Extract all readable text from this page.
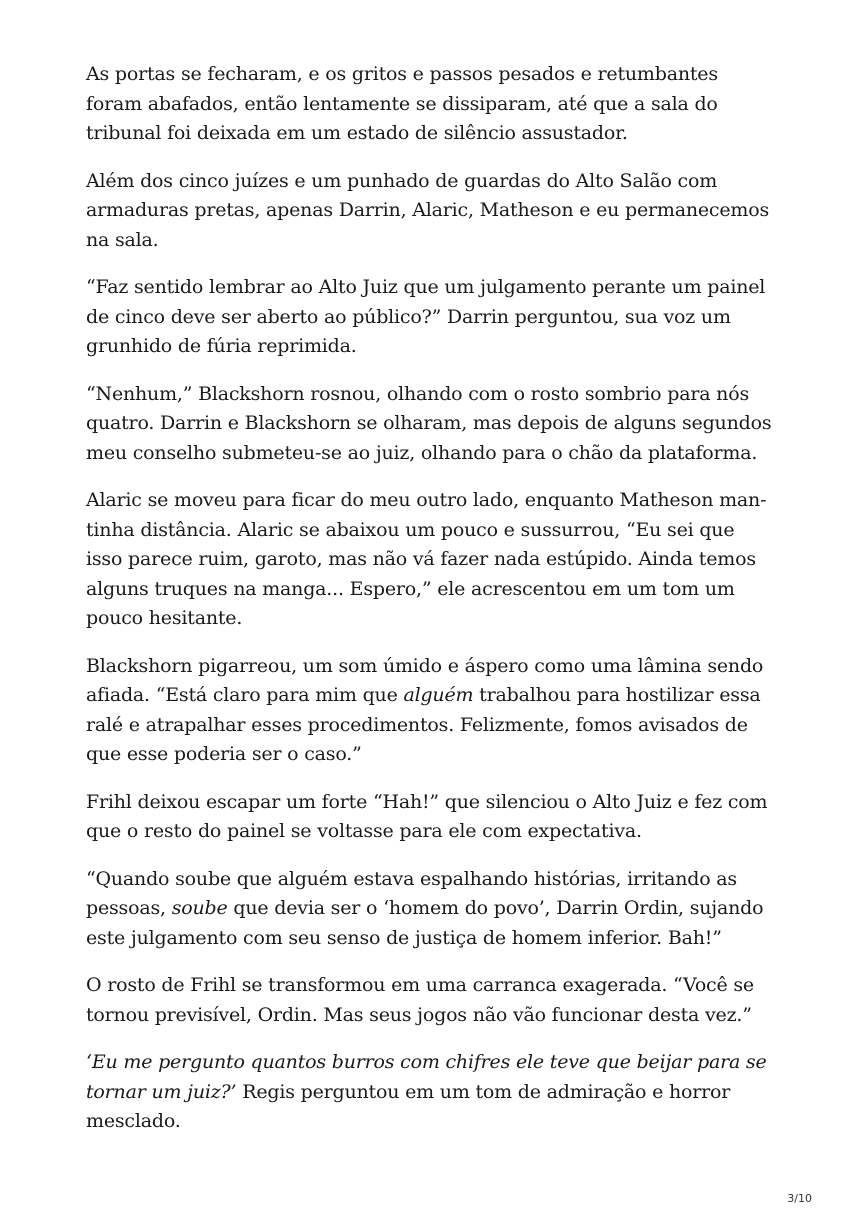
As portas se fecharam, e os gritos e passos pesados e retumbantes foram abafados, então lentamente se dissiparam, até que a sala do tribunal foi deixada em um estado de silêncio assustador.

Além dos cinco juízes e um punhado de guardas do Alto Salão com armaduras pretas, apenas Darrin, Alaric, Matheson e eu permanecemos na sala.

“Faz sentido lembrar ao Alto Juiz que um julgamento perante um painel de cinco deve ser aberto ao público?” Darrin perguntou, sua voz um grunhido de fúria reprimida.

“Nenhum,” Blackshorn rosnou, olhando com o rosto sombrio para nós quatro. Darrin e Blackshorn se olharam, mas depois de alguns segundos meu conselho submeteu-se ao juiz, olhando para o chão da plataforma.

Alaric se moveu para ficar do meu outro lado, enquanto Matheson mantinha distância. Alaric se abaixou um pouco e sussurrou, “Eu sei que isso parece ruim, garoto, mas não vá fazer nada estúpido. Ainda temos alguns truques na manga... Espero,” ele acrescentou em um tom um pouco hesitante.

Blackshorn pigarreou, um som úmido e áspero como uma lâmina sendo afiada. “Está claro para mim que alguém trabalhou para hostilizar essa ralé e atrapalhar esses procedimentos. Felizmente, fomos avisados de que esse poderia ser o caso.”

Frihl deixou escapar um forte “Hah!” que silenciou o Alto Juiz e fez com que o resto do painel se voltasse para ele com expectativa.

“Quando soube que alguém estava espalhando histórias, irritando as pessoas, soube que devia ser o ‘homem do povo’, Darrin Ordin, sujando este julgamento com seu senso de justiça de homem inferior. Bah!”

O rosto de Frihl se transformou em uma carranca exagerada. “Você se tornou previsível, Ordin. Mas seus jogos não vão funcionar desta vez.”

‘Eu me pergunto quantos burros com chifres ele teve que beijar para se tornar um juiz?’ Regis perguntou em um tom de admiração e horror mesclado.

3/10
